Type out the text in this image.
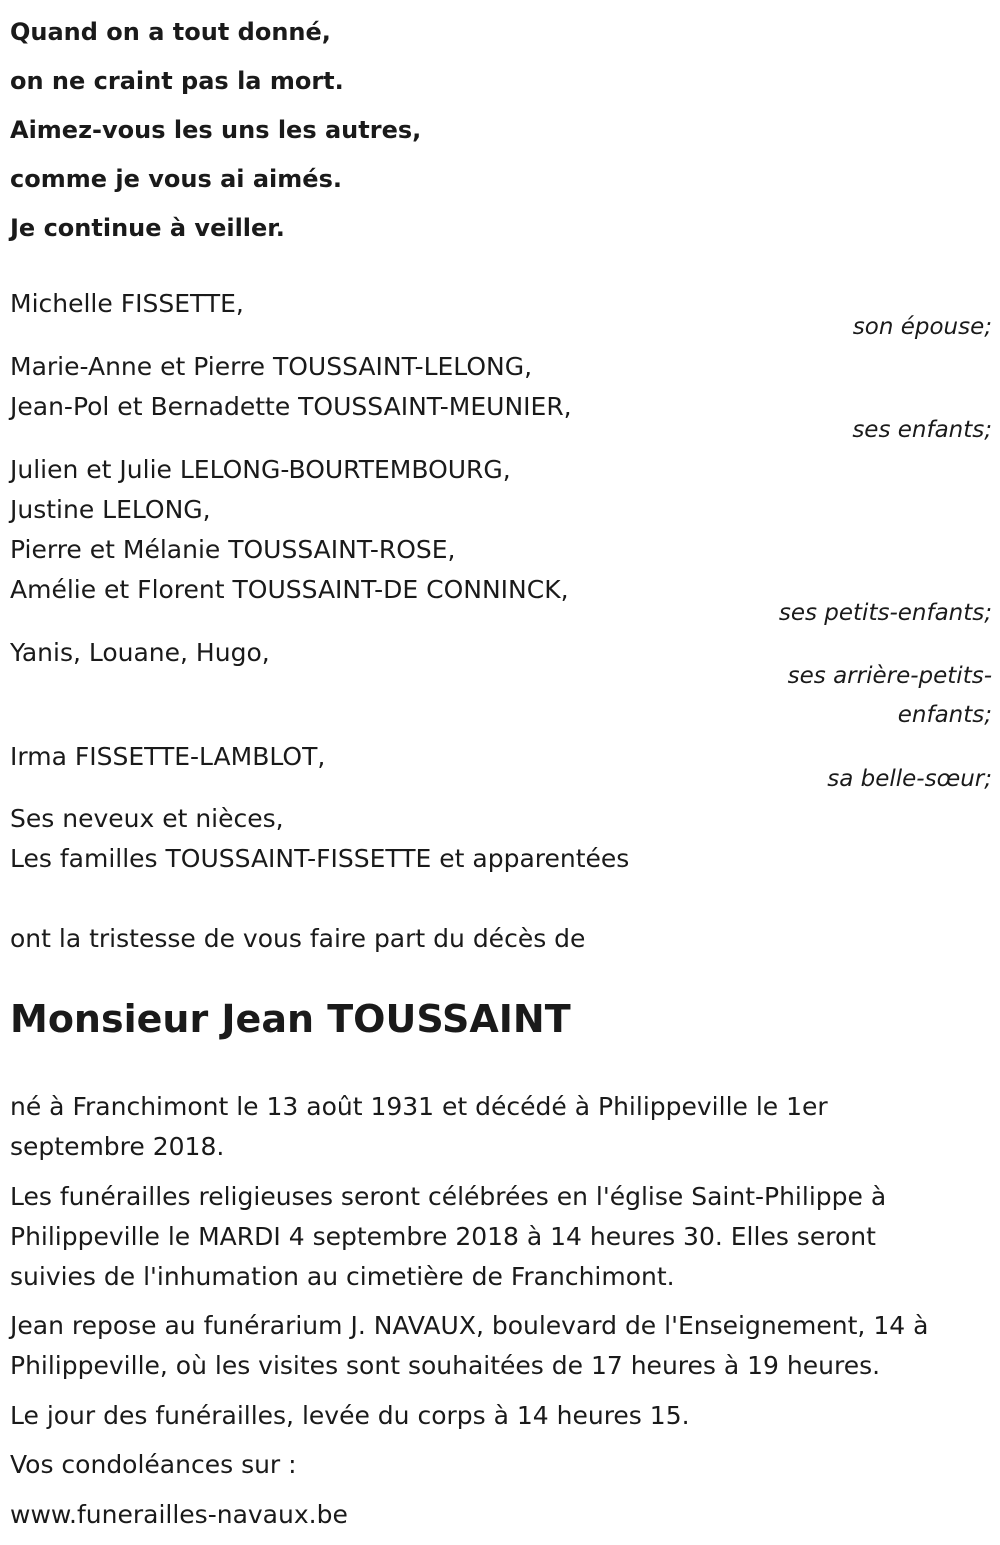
Quand on a tout donné,
on ne craint pas la mort.
Aimez-vous les uns les autres,
comme je vous ai aimés.
Je continue à veiller.
Michelle FISSETTE,
son épouse;
Marie-Anne et Pierre TOUSSAINT-LELONG,
Jean-Pol et Bernadette TOUSSAINT-MEUNIER,
ses enfants;
Julien et Julie LELONG-BOURTEMBOURG,
Justine LELONG,
Pierre et Mélanie TOUSSAINT-ROSE,
Amélie et Florent TOUSSAINT-DE CONNINCK,
ses petits-enfants;
Yanis, Louane, Hugo,
ses arrière-petits-
enfants;
Irma FISSETTE-LAMBLOT,
sa belle-sœur;
Ses neveux et nièces,
Les familles TOUSSAINT-FISSETTE et apparentées
ont la tristesse de vous faire part du décès de
Monsieur Jean TOUSSAINT
né à Franchimont le 13 août 1931 et décédé à Philippeville le 1er
septembre 2018.
Les funérailles religieuses seront célébrées en l'église Saint-Philippe à
Philippeville le MARDI 4 septembre 2018 à 14 heures 30. Elles seront
suivies de l'inhumation au cimetière de Franchimont.
Jean repose au funérarium J. NAVAUX, boulevard de l'Enseignement, 14 à
Philippeville, où les visites sont souhaitées de 17 heures à 19 heures.
Le jour des funérailles, levée du corps à 14 heures 15.
Vos condoléances sur :
www.funerailles-navaux.be
